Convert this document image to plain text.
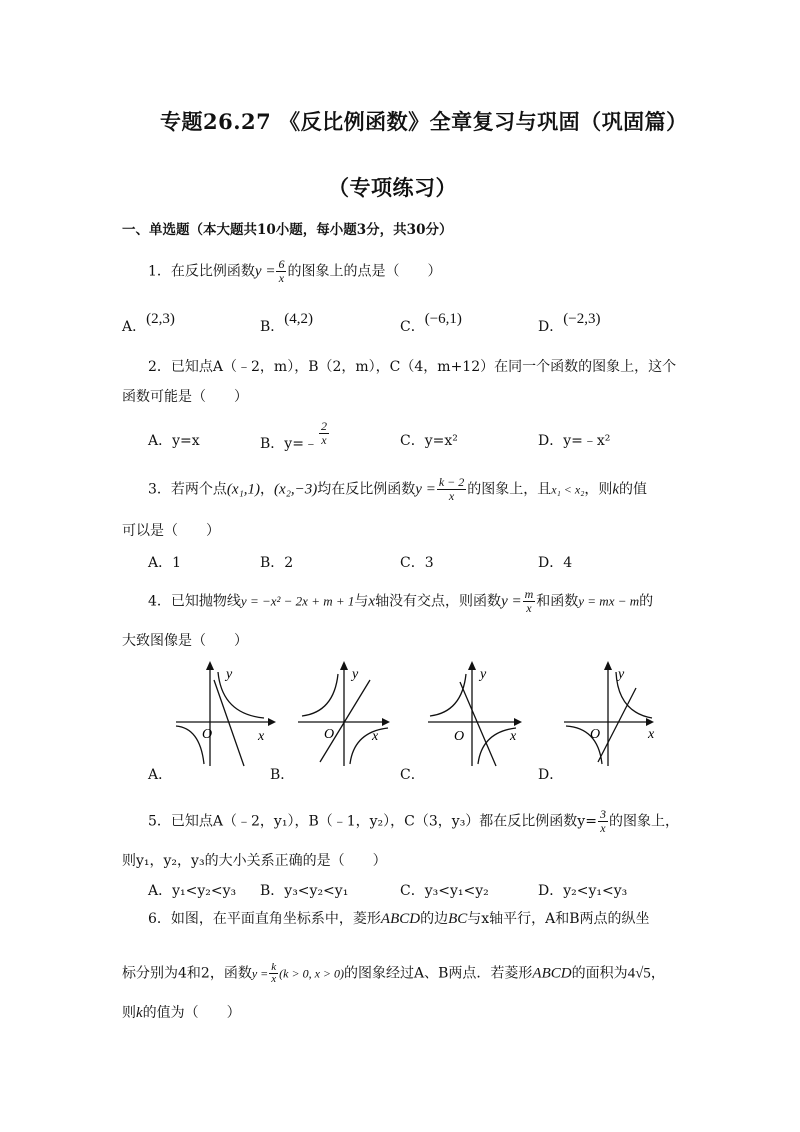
专题26.27 《反比例函数》全章复习与巩固（巩固篇）
（专项练习）
一、单选题（本大题共10小题，每小题3分，共30分）
1．在反比例函数$y = \frac{6}{x}$ 的图象上的点是（　　）
A．(2,3)	B．(4,2)	C．(−6,1)	D．(−2,3)
2．已知点A（﹣2，m），B（2，m），C（4，m+12）在同一个函数的图象上，这个
函数可能是（　　）
A．y=x	B．y=﹣ $\frac{2}{x}$	C．y=x²	D．y=﹣x²
3．若两个点(x₁,1)，(x₂,−3)均在反比例函数$y = \frac{k - 2}{x}$ 的图象上，且x₁ < x₂，则k的值
可以是（　　）
A．1	B．2	C．3	D．4
4．已知抛物线y = −x² − 2x + m + 1与x轴没有交点，则函数$y = \frac{m}{x}$ 和函数y = mx − m的
大致图像是（　　）
y
x
O
y
x
O
y
x
O
y
x
O
A．	B．	C．	D．
5．已知点A（﹣2，y₁），B（﹣1，y₂），C（3，y₃）都在反比例函数$y= \frac{3}{x}$ 的图象上，
则y₁，y₂，y₃的大小关系正确的是（　　）
A．y₁<y₂<y₃ B．y₃<y₂<y₁	C．y₃<y₁<y₂	D．y₂<y₁<y₃
6．如图，在平面直角坐标系中，菱形ABCD的边BC与x轴平行，A和B两点的纵坐
标分别为4和2，函数$y = \frac{k}{x} (k > 0$, x > 0)的图象经过A、B两点．若菱形ABCD的面积为4√5，
则k的值为（　　）
